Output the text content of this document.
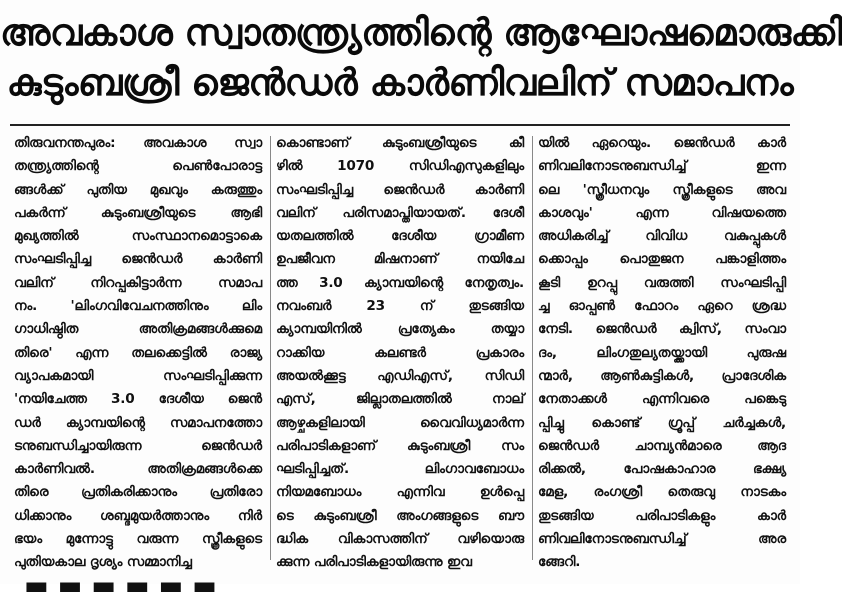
അവകാശ സ്വാതന്ത്ര്യത്തിന്റെ ആഘോഷമൊരുക്കി
കുടുംബശ്രീ ജെൻഡർ കാർണിവലിന് സമാപനം
തിരുവനന്തപുരം: അവകാശ സ്വാ
തന്ത്ര്യത്തിന്റെ പെൺപോരാട്ട
ങ്ങൾക്ക് പുതിയ മുഖവും കരുത്തും
പകർന്ന് കുടുംബശ്രീയുടെ ആഭി
മുഖ്യത്തിൽ സംസ്ഥാനമൊട്ടാകെ
സംഘടിപ്പിച്ച ജെൻഡർ കാർണി
വലിന് നിറപ്പകിട്ടാർന്ന സമാപ
നം. 'ലിംഗവിവേചനത്തിനും ലിം
ഗാധിഷ്ഠിത അതിക്രമങ്ങൾക്കുമെ
തിരെ' എന്ന തലക്കെട്ടിൽ രാജ്യ
വ്യാപകമായി സംഘടിപ്പിക്കുന്ന
'നയിചേത്ത 3.0 ദേശീയ ജെൻ
ഡർ ക്യാമ്പയിന്റെ സമാപനത്തോ
ടനുബന്ധിച്ചായിരുന്ന ജെൻഡർ
കാർണിവൽ. അതിക്രമങ്ങൾക്കെ
തിരെ പ്രതികരിക്കാനും പ്രതിരോ
ധിക്കാനും ശബ്ദമുയർത്താനും നിർ
ഭയം മുന്നോട്ടു വരുന്ന സ്ത്രീകളുടെ
പുതിയകാല ദൃശ്യം സമ്മാനിച്ച
കൊണ്ടാണ് കുടുംബശ്രീയുടെ കീ
ഴിൽ 1070 സിഡിഎസുകളിലും
സംഘടിപ്പിച്ച ജെൻഡർ കാർണി
വലിന് പരിസമാപ്തിയായത്. ദേശീ
യതലത്തിൽ ദേശീയ ഗ്രാമീണ
ഉപജീവന മിഷനാണ് നയിചേ
ത്ത 3.0 ക്യാമ്പയിന്റെ നേതൃത്വം.
നവംബർ 23 ന് തുടങ്ങിയ
ക്യാമ്പയിനിൽ പ്രത്യേകം തയ്യാ
റാക്കിയ കലണ്ടർ പ്രകാരം
അയൽക്കൂട്ട എഡിഎസ്, സിഡി
എസ്, ജില്ലാതലത്തിൽ നാല്
ആഴ്ചകളിലായി വൈവിധ്യമാർന്ന
പരിപാടികളാണ് കുടുംബശ്രീ സം
ഘടിപ്പിച്ചത്. ലിംഗാവബോധം
നിയമബോധം എന്നിവ ഉൾപ്പെ
ടെ കുടുംബശ്രീ അംഗങ്ങളുടെ ബൗ
ദ്ധിക വികാസത്തിന് വഴിയൊരു
ക്കുന്ന പരിപാടികളായിരുന്നു ഇവ
യിൽ ഏറെയും. ജെൻഡർ കാർ
ണിവലിനോടനുബന്ധിച്ച് ഇന്ന
ലെ 'സ്ത്രീധനവും സ്ത്രീകളുടെ അവ
കാശവും' എന്ന വിഷയത്തെ
അധികരിച്ച് വിവിധ വകുപ്പുകൾ
ക്കൊപ്പം പൊതുജന പങ്കാളിത്തം
കൂടി ഉറപ്പു വരുത്തി സംഘടിപ്പി
ച്ച ഓപ്പൺ ഫോറം ഏറെ ശ്രദ്ധ
നേടി. ജെൻഡർ ക്വിസ്, സംവാ
ദം, ലിംഗതുല്യതയ്ക്കായി പുരുഷ
ന്മാർ, ആൺകുട്ടികൾ, പ്രാദേശിക
നേതാക്കൾ എന്നിവരെ പങ്കെടു
പ്പിച്ചു കൊണ്ട് ഗ്രൂപ്പ് ചർച്ചകൾ,
ജെൻഡർ ചാമ്പ്യൻമാരെ ആദ
രിക്കൽ, പോഷകാഹാര ഭക്ഷ്യ
മേള, രംഗശ്രീ തെരുവു നാടകം
തുടങ്ങിയ പരിപാടികളും കാർ
ണിവലിനോടനുബന്ധിച്ച് അര
ങ്ങേറി.
▬ ▬ ▬ ▬ ▬ ▬
